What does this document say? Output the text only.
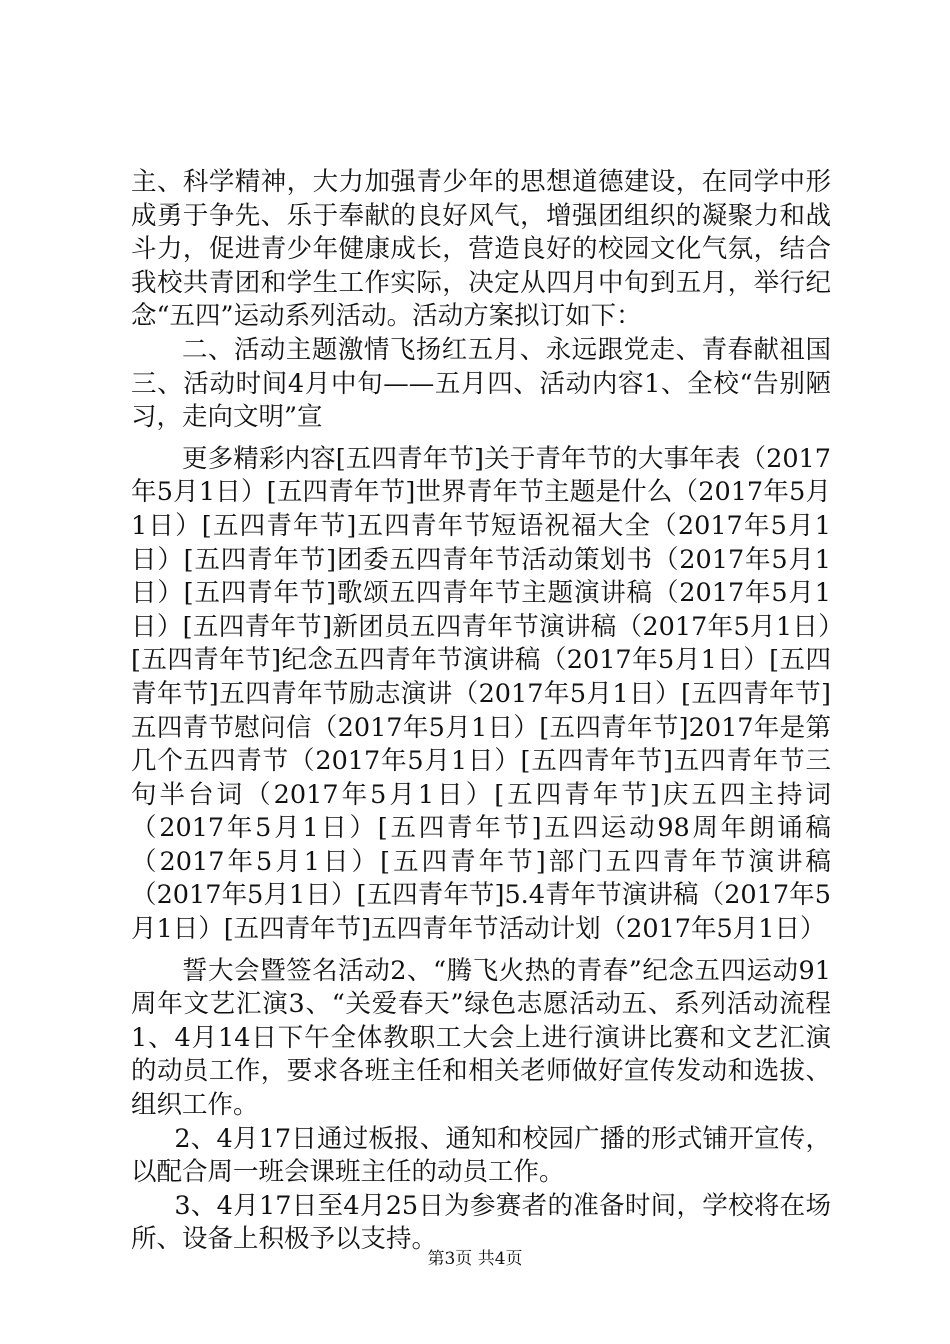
主、科学精神，大力加强青少年的思想道德建设，在同学中形成勇于争先、乐于奉献的良好风气，增强团组织的凝聚力和战斗力，促进青少年健康成长，营造良好的校园文化气氛，结合我校共青团和学生工作实际，决定从四月中旬到五月，举行纪念“五四”运动系列活动。活动方案拟订如下：

二、活动主题激情飞扬红五月、永远跟党走、青春献祖国三、活动时间4月中旬——五月四、活动内容1、全校“告别陋习，走向文明”宣

更多精彩内容[五四青年节]关于青年节的大事年表（2017年5月1日）[五四青年节]世界青年节主题是什么（2017年5月1日）[五四青年节]五四青年节短语祝福大全（2017年5月1日）[五四青年节]团委五四青年节活动策划书（2017年5月1日）[五四青年节]歌颂五四青年节主题演讲稿（2017年5月1日）[五四青年节]新团员五四青年节演讲稿（2017年5月1日）[五四青年节]纪念五四青年节演讲稿（2017年5月1日）[五四青年节]五四青年节励志演讲（2017年5月1日）[五四青年节]五四青节慰问信（2017年5月1日）[五四青年节]2017年是第几个五四青节（2017年5月1日）[五四青年节]五四青年节三句半台词（2017年5月1日）[五四青年节]庆五四主持词（2017年5月1日）[五四青年节]五四运动98周年朗诵稿（2017年5月1日）[五四青年节]部门五四青年节演讲稿（2017年5月1日）[五四青年节]5.4青年节演讲稿（2017年5月1日）[五四青年节]五四青年节活动计划（2017年5月1日）

誓大会暨签名活动2、“腾飞火热的青春”纪念五四运动91周年文艺汇演3、“关爱春天”绿色志愿活动五、系列活动流程1、4月14日下午全体教职工大会上进行演讲比赛和文艺汇演的动员工作，要求各班主任和相关老师做好宣传发动和选拔、组织工作。

2、4月17日通过板报、通知和校园广播的形式铺开宣传，以配合周一班会课班主任的动员工作。

3、4月17日至4月25日为参赛者的准备时间，学校将在场所、设备上积极予以支持。

第3页 共4页
